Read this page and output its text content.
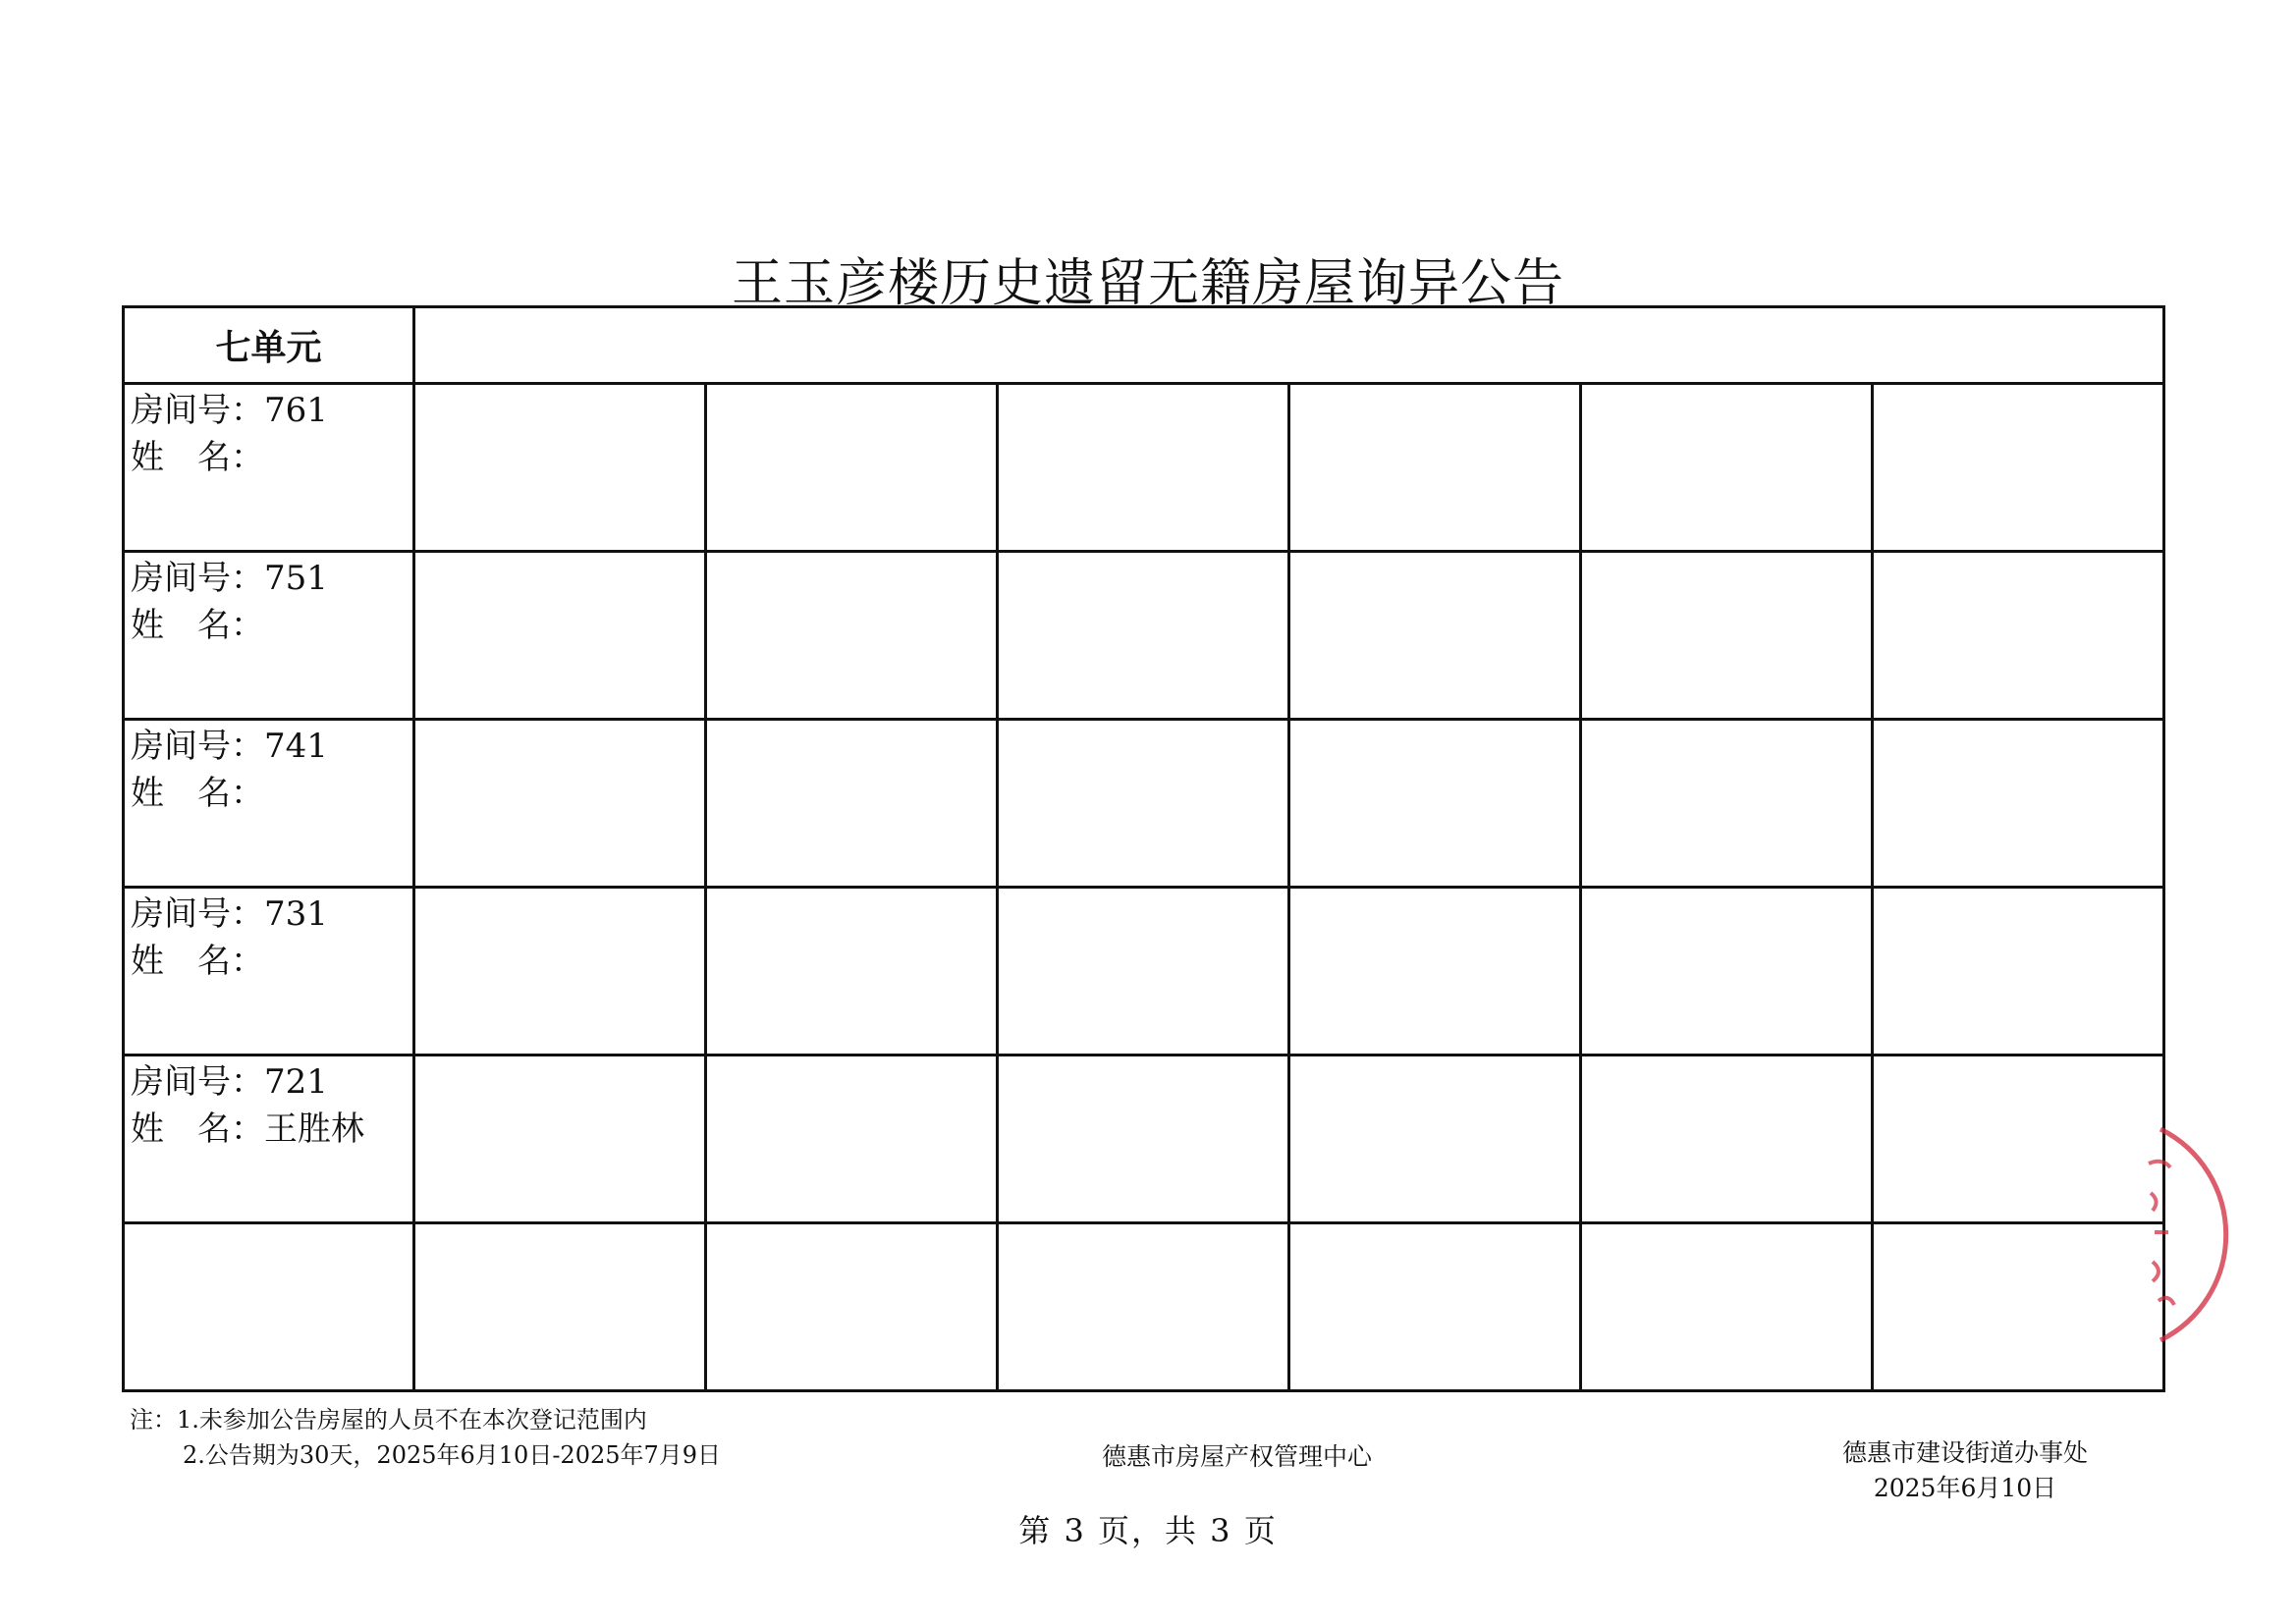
王玉彦楼历史遗留无籍房屋询异公告
七单元						

房间号：761
姓　名：						

房间号：751
姓　名：						

房间号：741
姓　名：						

房间号：731
姓　名：						

房间号：721
姓　名：王胜林						

注：1.未参加公告房屋的人员不在本次登记范围内
2.公告期为30天，2025年6月10日-2025年7月9日	德惠市房屋产权管理中心	德惠市建设街道办事处
2025年6月10日
第 3 页，共 3 页
